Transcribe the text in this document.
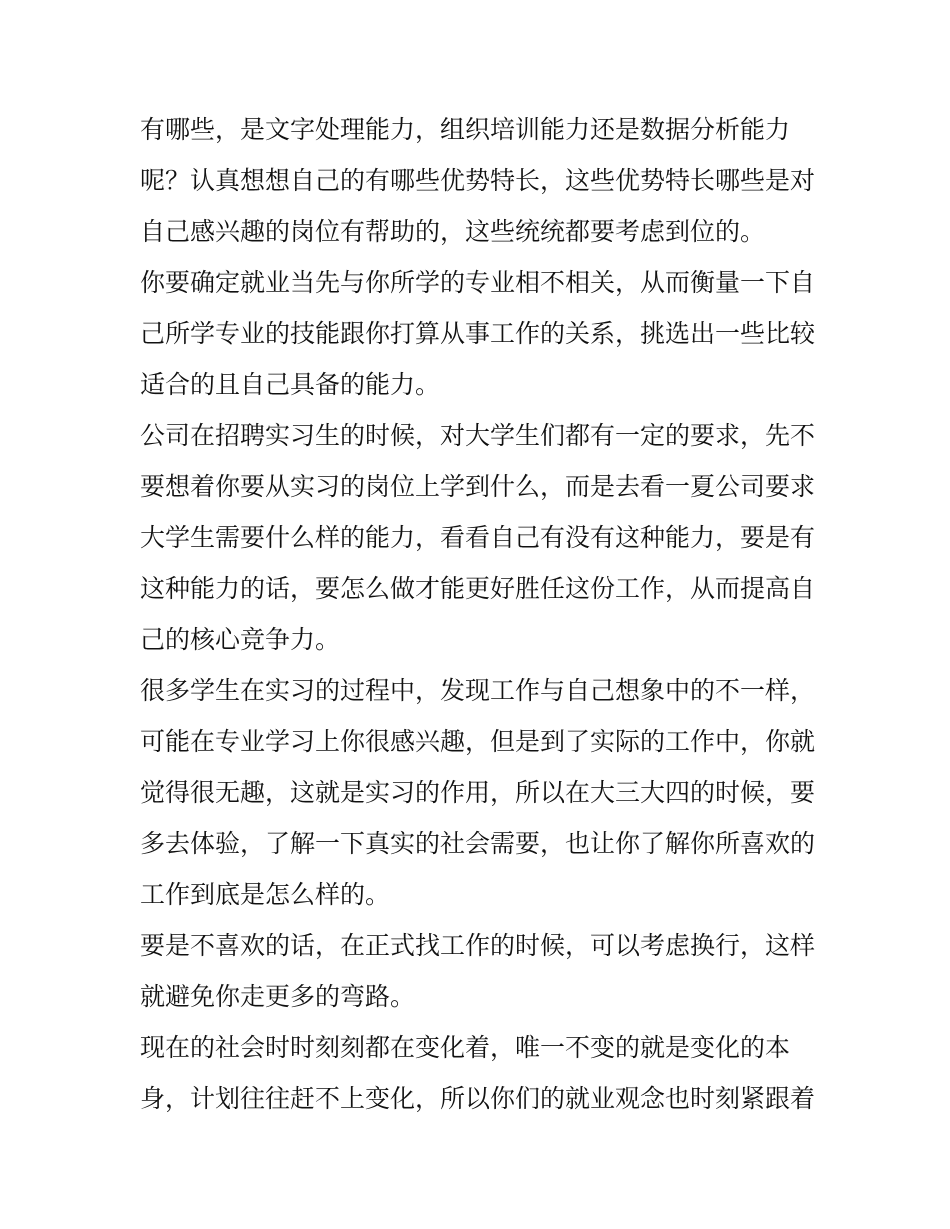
有哪些，是文字处理能力，组织培训能力还是数据分析能力
呢？认真想想自己的有哪些优势特长，这些优势特长哪些是对
自己感兴趣的岗位有帮助的，这些统统都要考虑到位的。
你要确定就业当先与你所学的专业相不相关，从而衡量一下自
己所学专业的技能跟你打算从事工作的关系，挑选出一些比较
适合的且自己具备的能力。
公司在招聘实习生的时候，对大学生们都有一定的要求，先不
要想着你要从实习的岗位上学到什么，而是去看一夏公司要求
大学生需要什么样的能力，看看自己有没有这种能力，要是有
这种能力的话，要怎么做才能更好胜任这份工作，从而提高自
己的核心竞争力。
很多学生在实习的过程中，发现工作与自己想象中的不一样，
可能在专业学习上你很感兴趣，但是到了实际的工作中，你就
觉得很无趣，这就是实习的作用，所以在大三大四的时候，要
多去体验，了解一下真实的社会需要，也让你了解你所喜欢的
工作到底是怎么样的。
要是不喜欢的话，在正式找工作的时候，可以考虑换行，这样
就避免你走更多的弯路。
现在的社会时时刻刻都在变化着，唯一不变的就是变化的本
身，计划往往赶不上变化，所以你们的就业观念也时刻紧跟着
